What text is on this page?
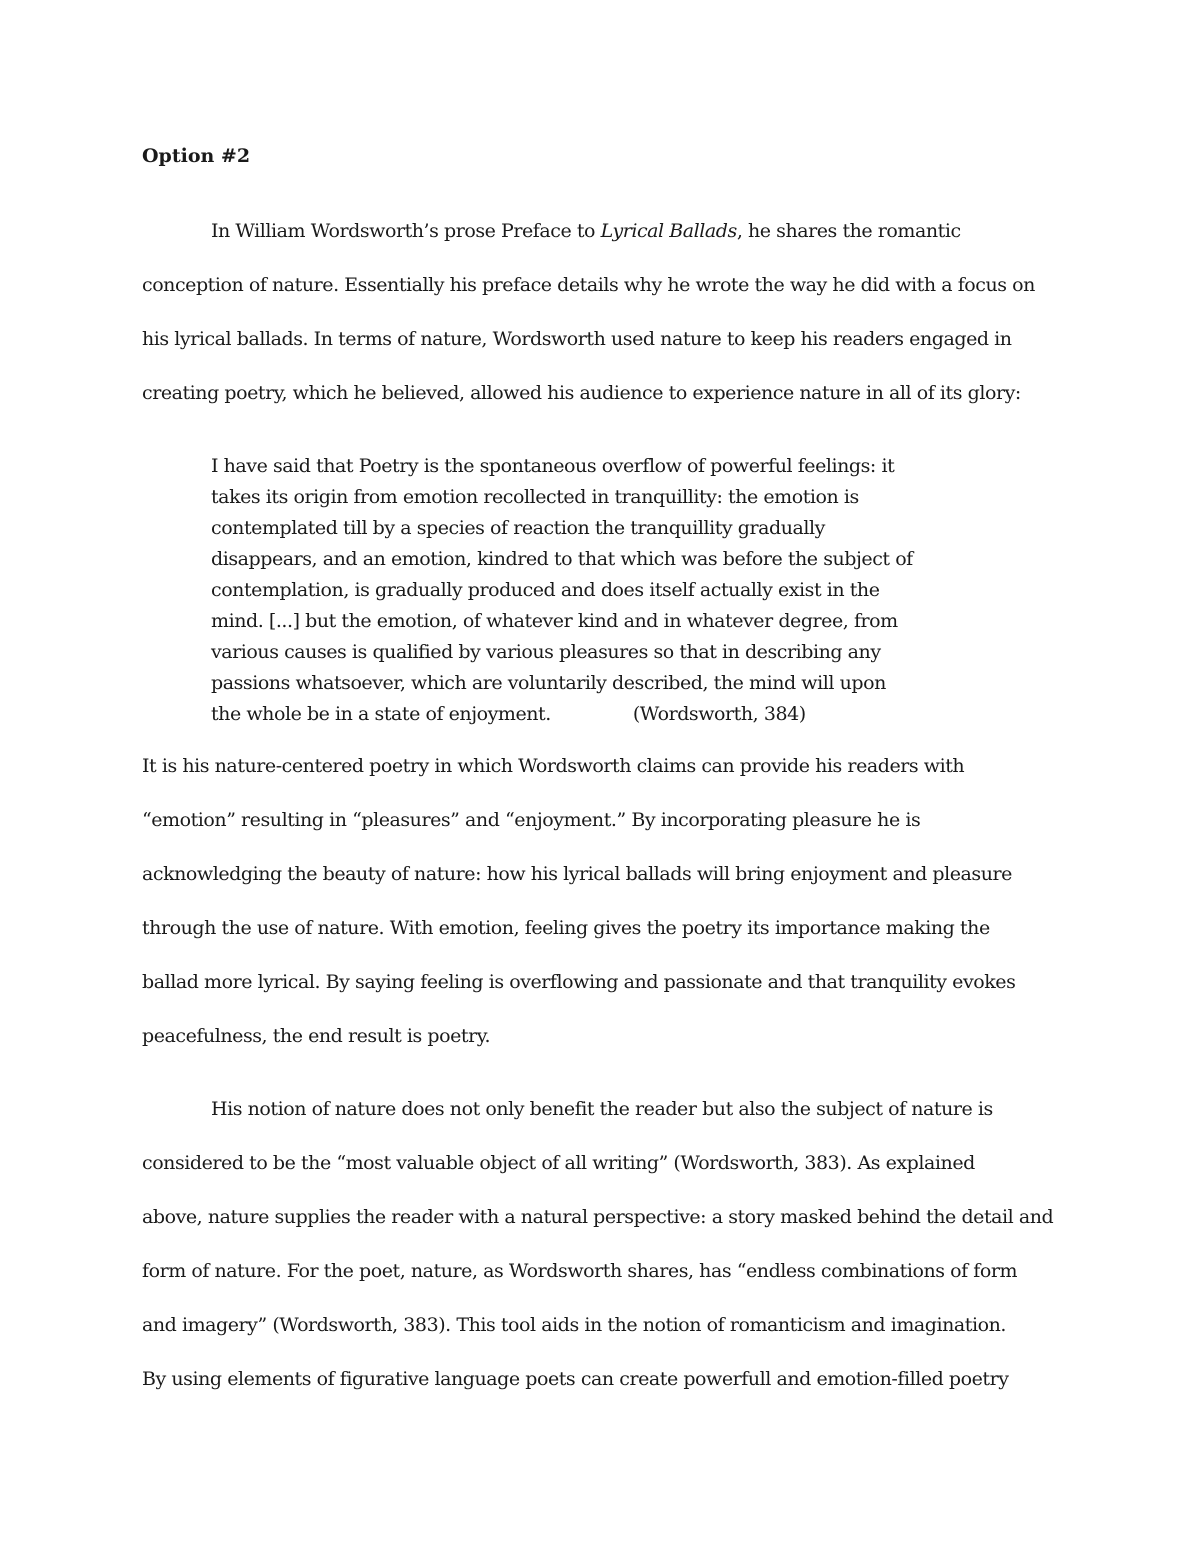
Option #2

In William Wordsworth’s prose Preface to Lyrical Ballads, he shares the romantic

conception of nature. Essentially his preface details why he wrote the way he did with a focus on

his lyrical ballads. In terms of nature, Wordsworth used nature to keep his readers engaged in

creating poetry, which he believed, allowed his audience to experience nature in all of its glory:

I have said that Poetry is the spontaneous overflow of powerful feelings: it

takes its origin from emotion recollected in tranquillity: the emotion is

contemplated till by a species of reaction the tranquillity gradually

disappears, and an emotion, kindred to that which was before the subject of

contemplation, is gradually produced and does itself actually exist in the

mind. [...] but the emotion, of whatever kind and in whatever degree, from

various causes is qualified by various pleasures so that in describing any

passions whatsoever, which are voluntarily described, the mind will upon

the whole be in a state of enjoyment.	(Wordsworth, 384)

It is his nature-centered poetry in which Wordsworth claims can provide his readers with

“emotion” resulting in “pleasures” and “enjoyment.” By incorporating pleasure he is

acknowledging the beauty of nature: how his lyrical ballads will bring enjoyment and pleasure

through the use of nature. With emotion, feeling gives the poetry its importance making the

ballad more lyrical. By saying feeling is overflowing and passionate and that tranquility evokes

peacefulness, the end result is poetry.

His notion of nature does not only benefit the reader but also the subject of nature is

considered to be the “most valuable object of all writing” (Wordsworth, 383). As explained

above, nature supplies the reader with a natural perspective: a story masked behind the detail and

form of nature. For the poet, nature, as Wordsworth shares, has “endless combinations of form

and imagery” (Wordsworth, 383). This tool aids in the notion of romanticism and imagination.

By using elements of figurative language poets can create powerfull and emotion-filled poetry
